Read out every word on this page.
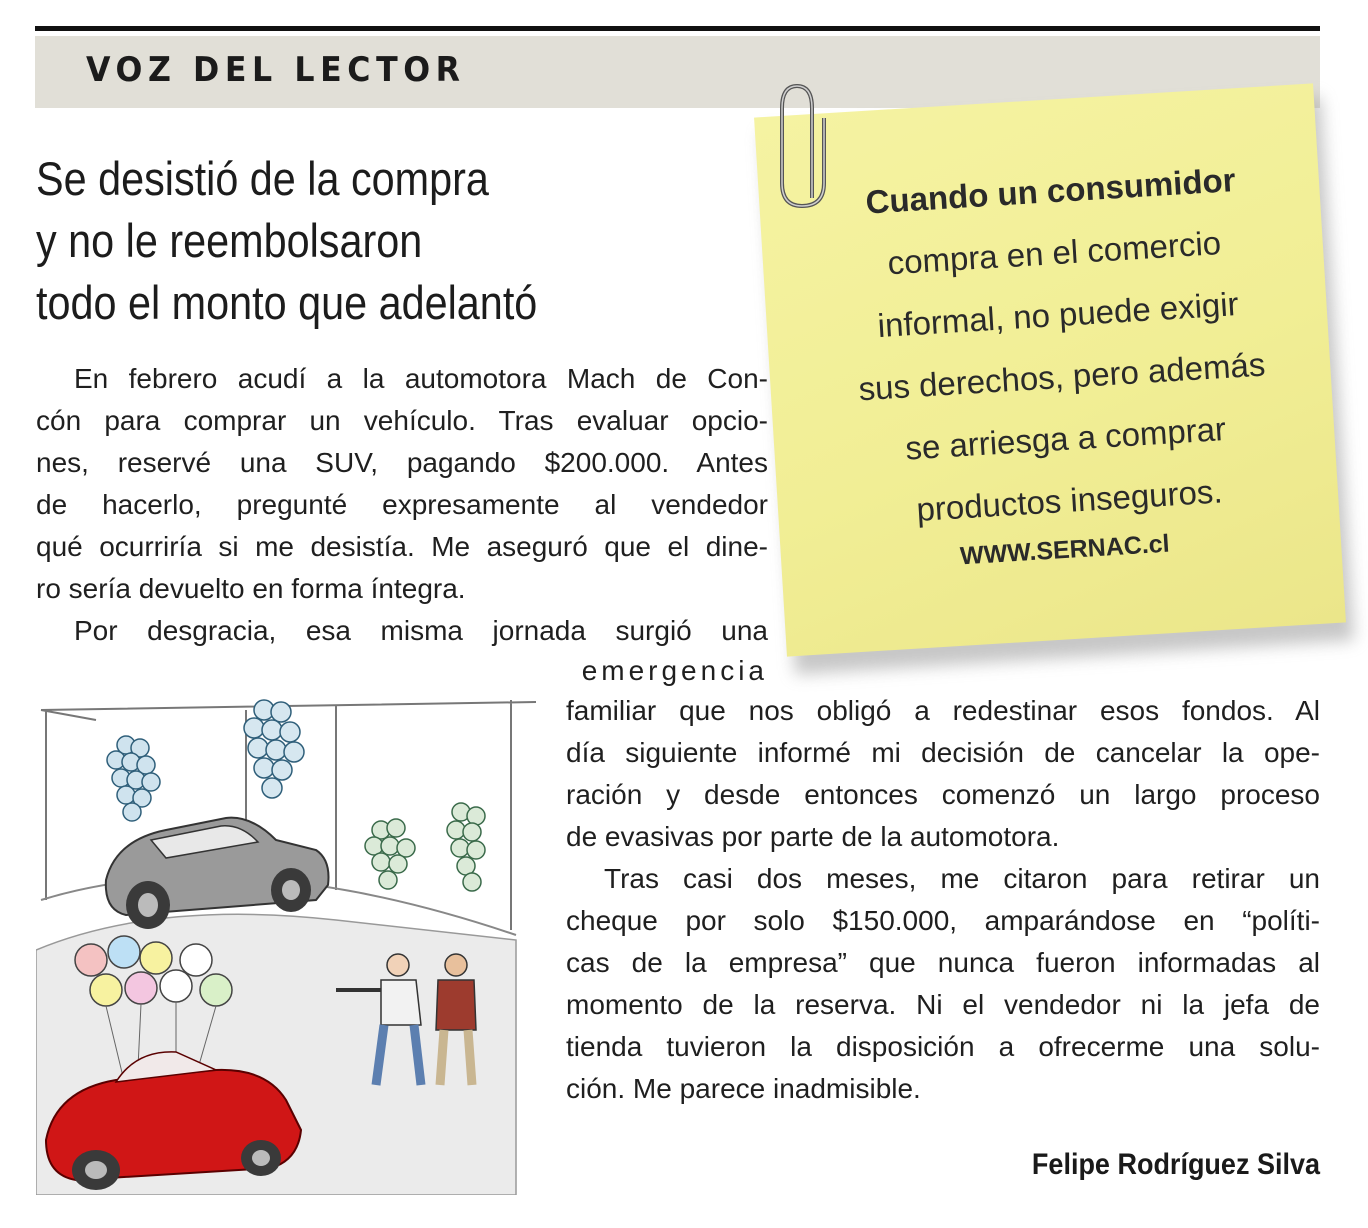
VOZ DEL LECTOR
Se desistió de la compra
y no le reembolsaron
todo el monto que adelantó
En febrero acudí a la automotora Mach de Con-
cón para comprar un vehículo. Tras evaluar opcio-
nes, reservé una SUV, pagando $200.000. Antes
de hacerlo, pregunté expresamente al vendedor
qué ocurriría si me desistía. Me aseguró que el dine-
ro sería devuelto en forma íntegra.
Por desgracia, esa misma jornada surgió una
emergencia
familiar que nos obligó a redestinar esos fondos. Al
día siguiente informé mi decisión de cancelar la ope-
ración y desde entonces comenzó un largo proceso
de evasivas por parte de la automotora.
Tras casi dos meses, me citaron para retirar un
cheque por solo $150.000, amparándose en “políti-
cas de la empresa” que nunca fueron informadas al
momento de la reserva. Ni el vendedor ni la jefa de
tienda tuvieron la disposición a ofrecerme una solu-
ción. Me parece inadmisible.
Felipe Rodríguez Silva
Cuando un consumidor
compra en el comercio
informal, no puede exigir
sus derechos, pero además
se arriesga a comprar
productos inseguros.
WWW.SERNAC.cl
